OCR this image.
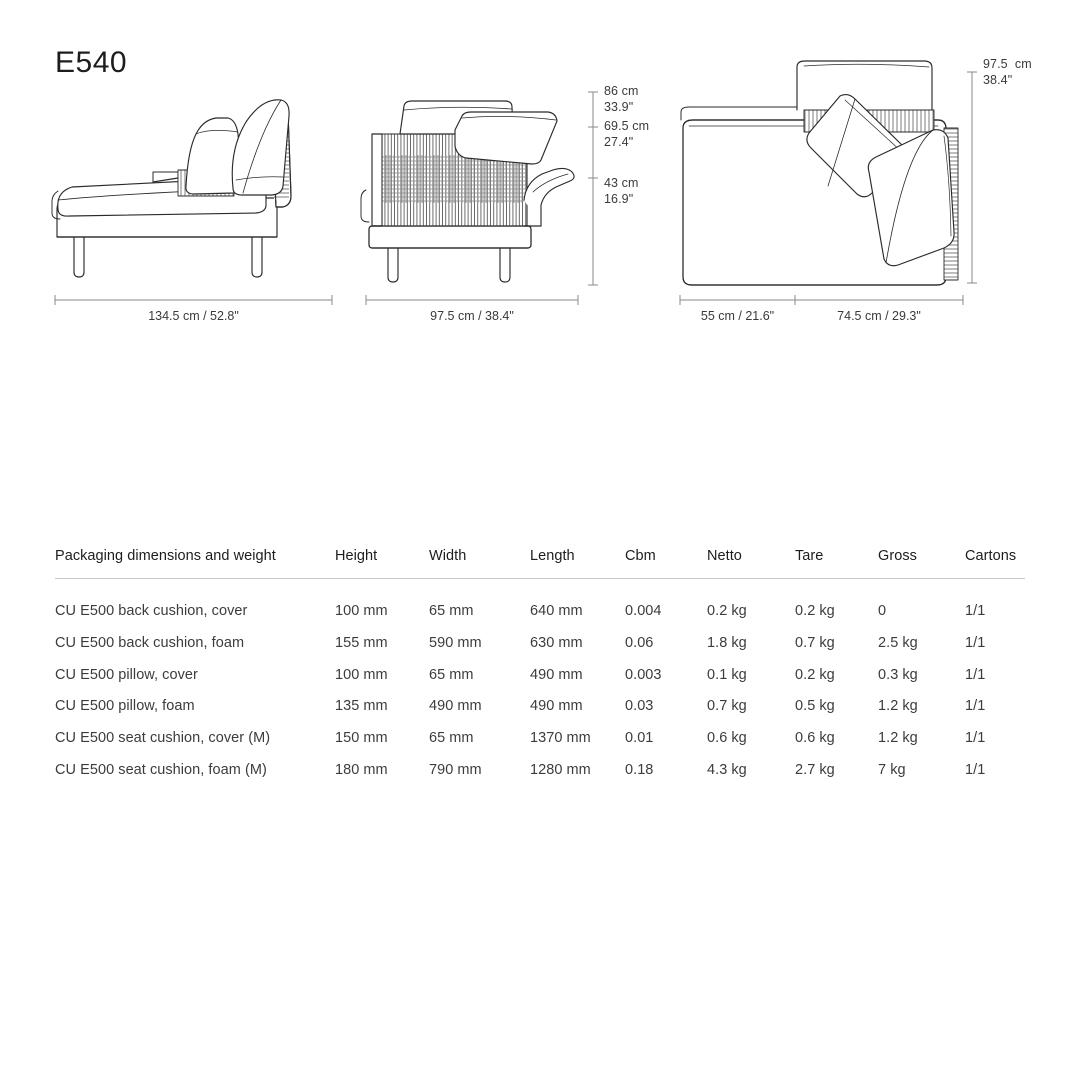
E540
86 cm
33.9"
69.5 cm
27.4"
43 cm
16.9"
97.5  cm
38.4"
134.5 cm / 52.8"	97.5 cm / 38.4"	55 cm / 21.6"	74.5 cm / 29.3"
Packaging dimensions and weight	Height	Width	Length	Cbm	Netto	Tare	Gross	Cartons
CU E500 back cushion, cover	100 mm	65 mm	640 mm	0.004	0.2 kg	0.2 kg	0	1/1
CU E500 back cushion, foam	155 mm	590 mm	630 mm	0.06	1.8 kg	0.7 kg	2.5 kg	1/1
CU E500 pillow, cover	100 mm	65 mm	490 mm	0.003	0.1 kg	0.2 kg	0.3 kg	1/1
CU E500 pillow, foam	135 mm	490 mm	490 mm	0.03	0.7 kg	0.5 kg	1.2 kg	1/1
CU E500 seat cushion, cover (M)	150 mm	65 mm	1370 mm 0.01	0.6 kg	0.6 kg	1.2 kg	1/1
CU E500 seat cushion, foam (M)	180 mm	790 mm	1280 mm 0.18	4.3 kg	2.7 kg	7 kg	1/1
